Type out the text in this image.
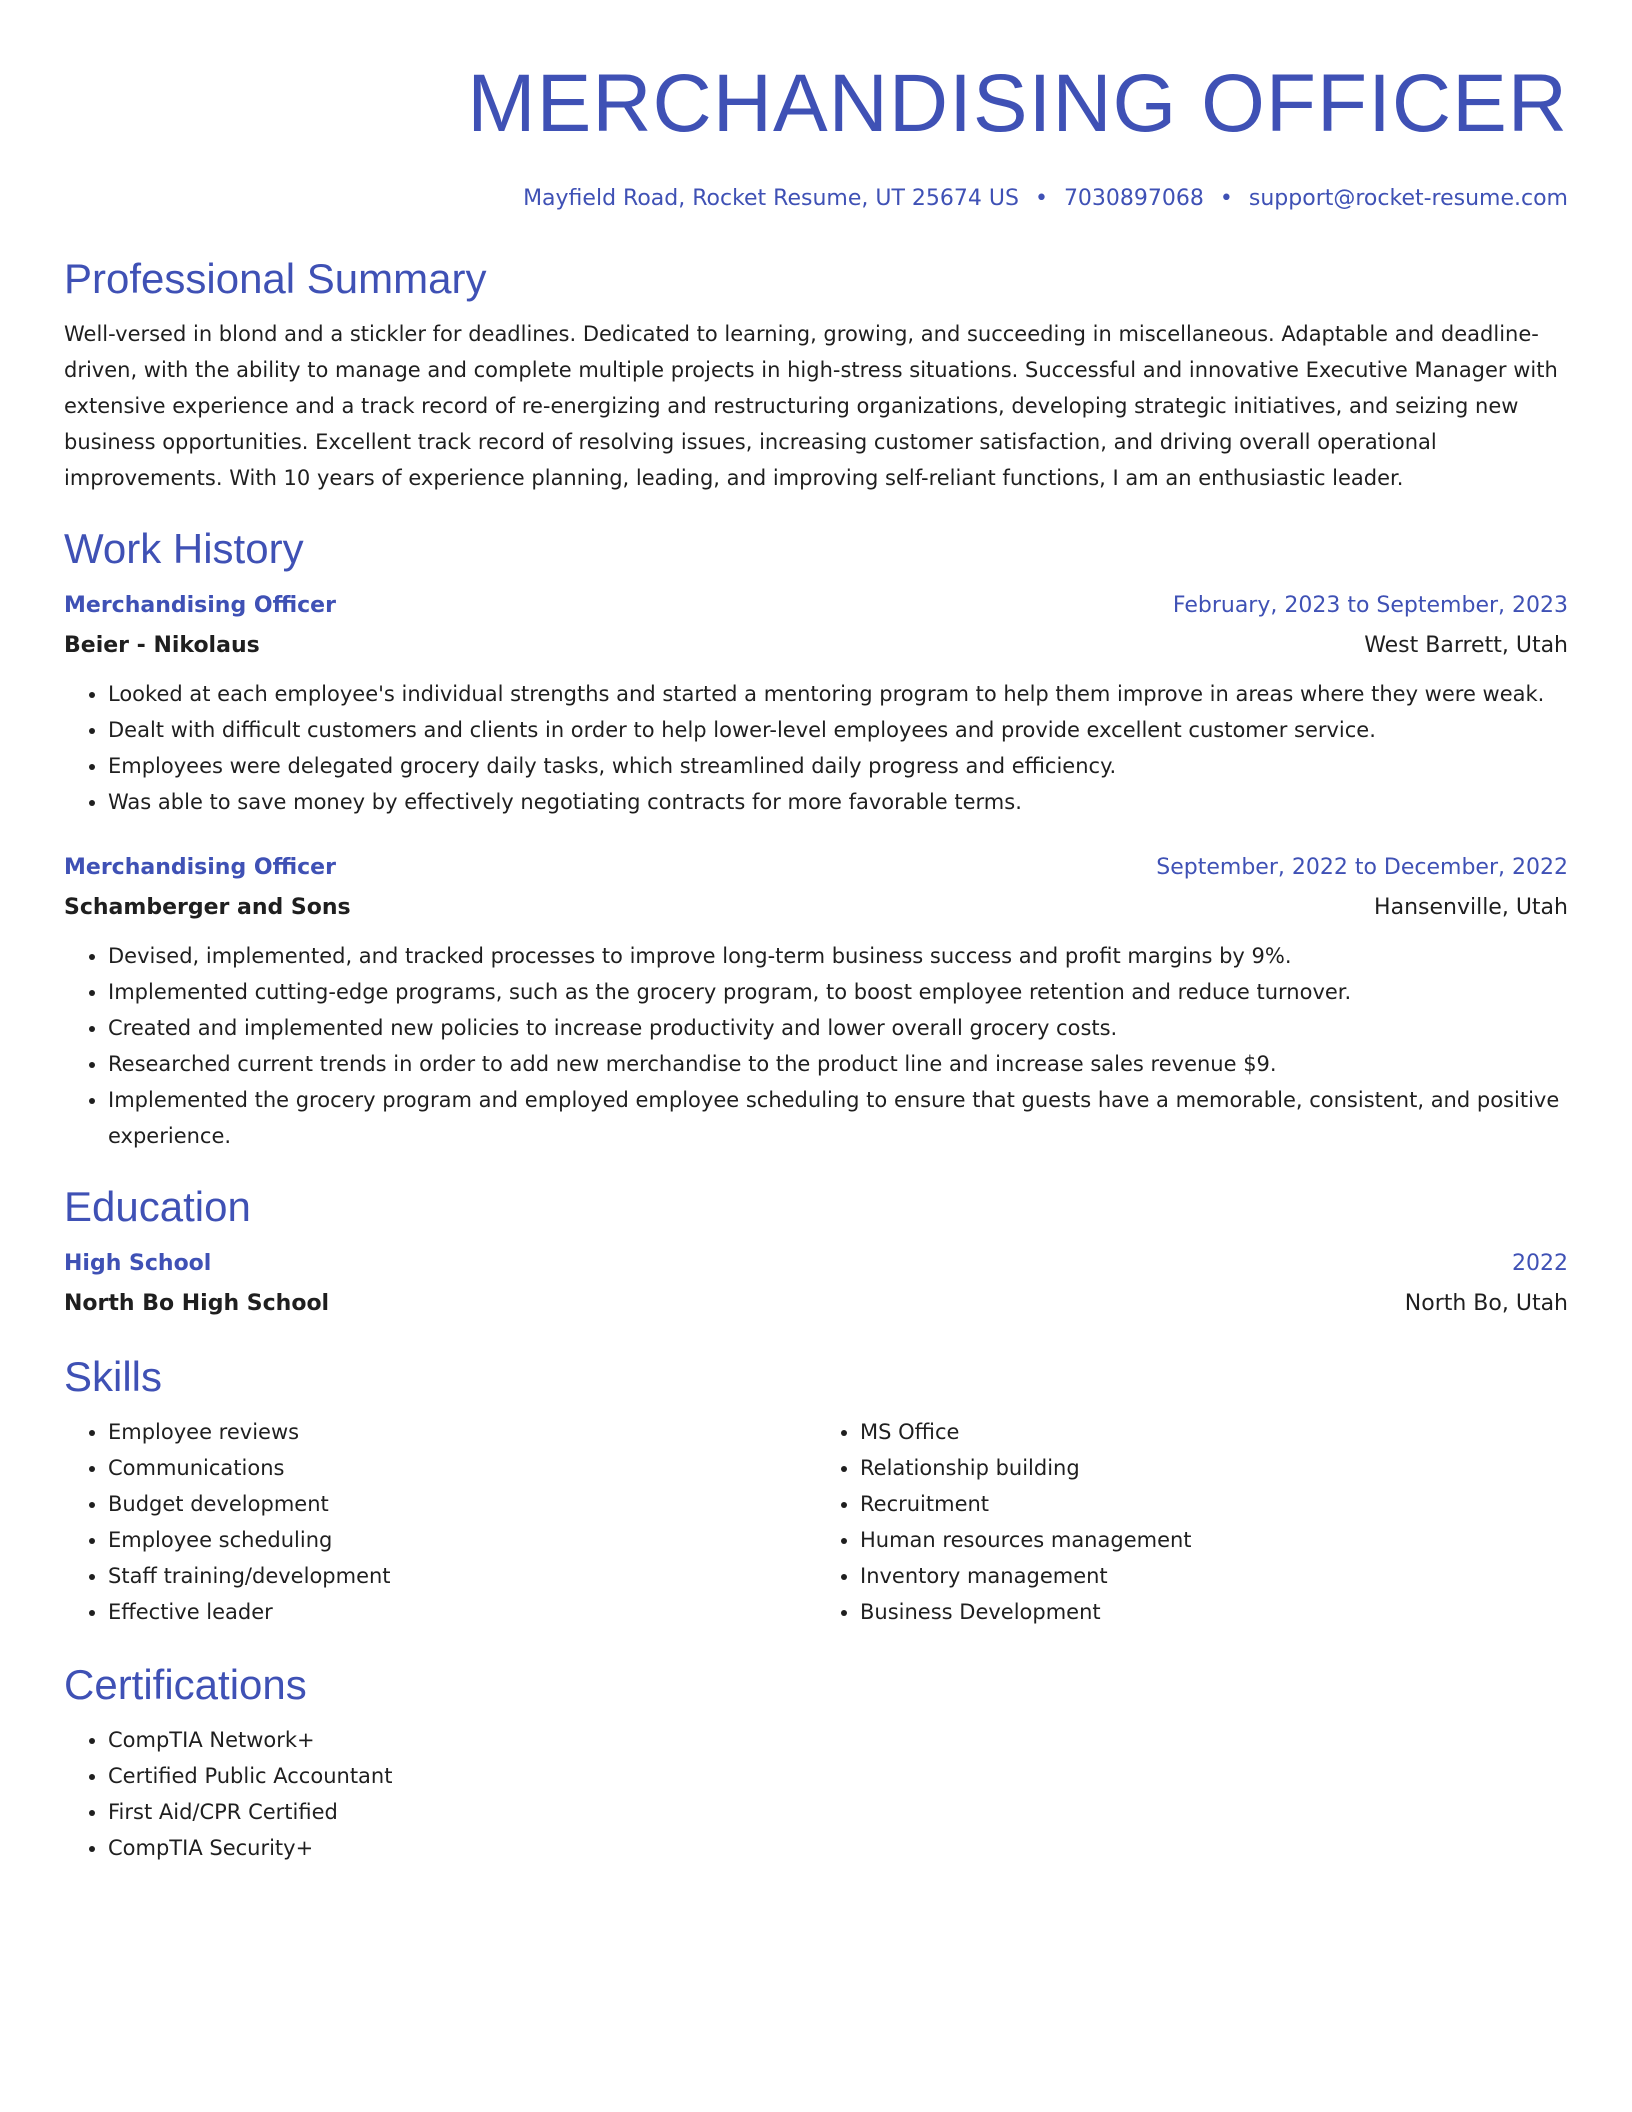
MERCHANDISING OFFICER
Mayfield Road, Rocket Resume, UT 25674 US • 7030897068 • support@rocket-resume.com
Professional Summary

Well-versed in blond and a stickler for deadlines. Dedicated to learning, growing, and succeeding in miscellaneous. Adaptable and deadline-driven, with the ability to manage and complete multiple projects in high-stress situations. Successful and innovative Executive Manager with extensive experience and a track record of re-energizing and restructuring organizations, developing strategic initiatives, and seizing new business opportunities. Excellent track record of resolving issues, increasing customer satisfaction, and driving overall operational improvements. With 10 years of experience planning, leading, and improving self-reliant functions, I am an enthusiastic leader.

Work History
Merchandising Officer	February, 2023 to September, 2023
Beier - Nikolaus	West Barrett, Utah
• Looked at each employee's individual strengths and started a mentoring program to help them improve in areas where they were weak.
• Dealt with difficult customers and clients in order to help lower-level employees and provide excellent customer service.
• Employees were delegated grocery daily tasks, which streamlined daily progress and efficiency.
• Was able to save money by effectively negotiating contracts for more favorable terms.
Merchandising Officer	September, 2022 to December, 2022
Schamberger and Sons	Hansenville, Utah
• Devised, implemented, and tracked processes to improve long-term business success and profit margins by 9%.
• Implemented cutting-edge programs, such as the grocery program, to boost employee retention and reduce turnover.
• Created and implemented new policies to increase productivity and lower overall grocery costs.
• Researched current trends in order to add new merchandise to the product line and increase sales revenue $9.
• Implemented the grocery program and employed employee scheduling to ensure that guests have a memorable, consistent, and positive experience.
Education
High School	2022
North Bo High School	North Bo, Utah
Skills
• Employee reviews
• Communications
• Budget development
• Employee scheduling
• Staff training/development
• Effective leader
• MS Office
• Relationship building
• Recruitment
• Human resources management
• Inventory management
• Business Development
Certifications
• CompTIA Network+
• Certified Public Accountant
• First Aid/CPR Certified
• CompTIA Security+
